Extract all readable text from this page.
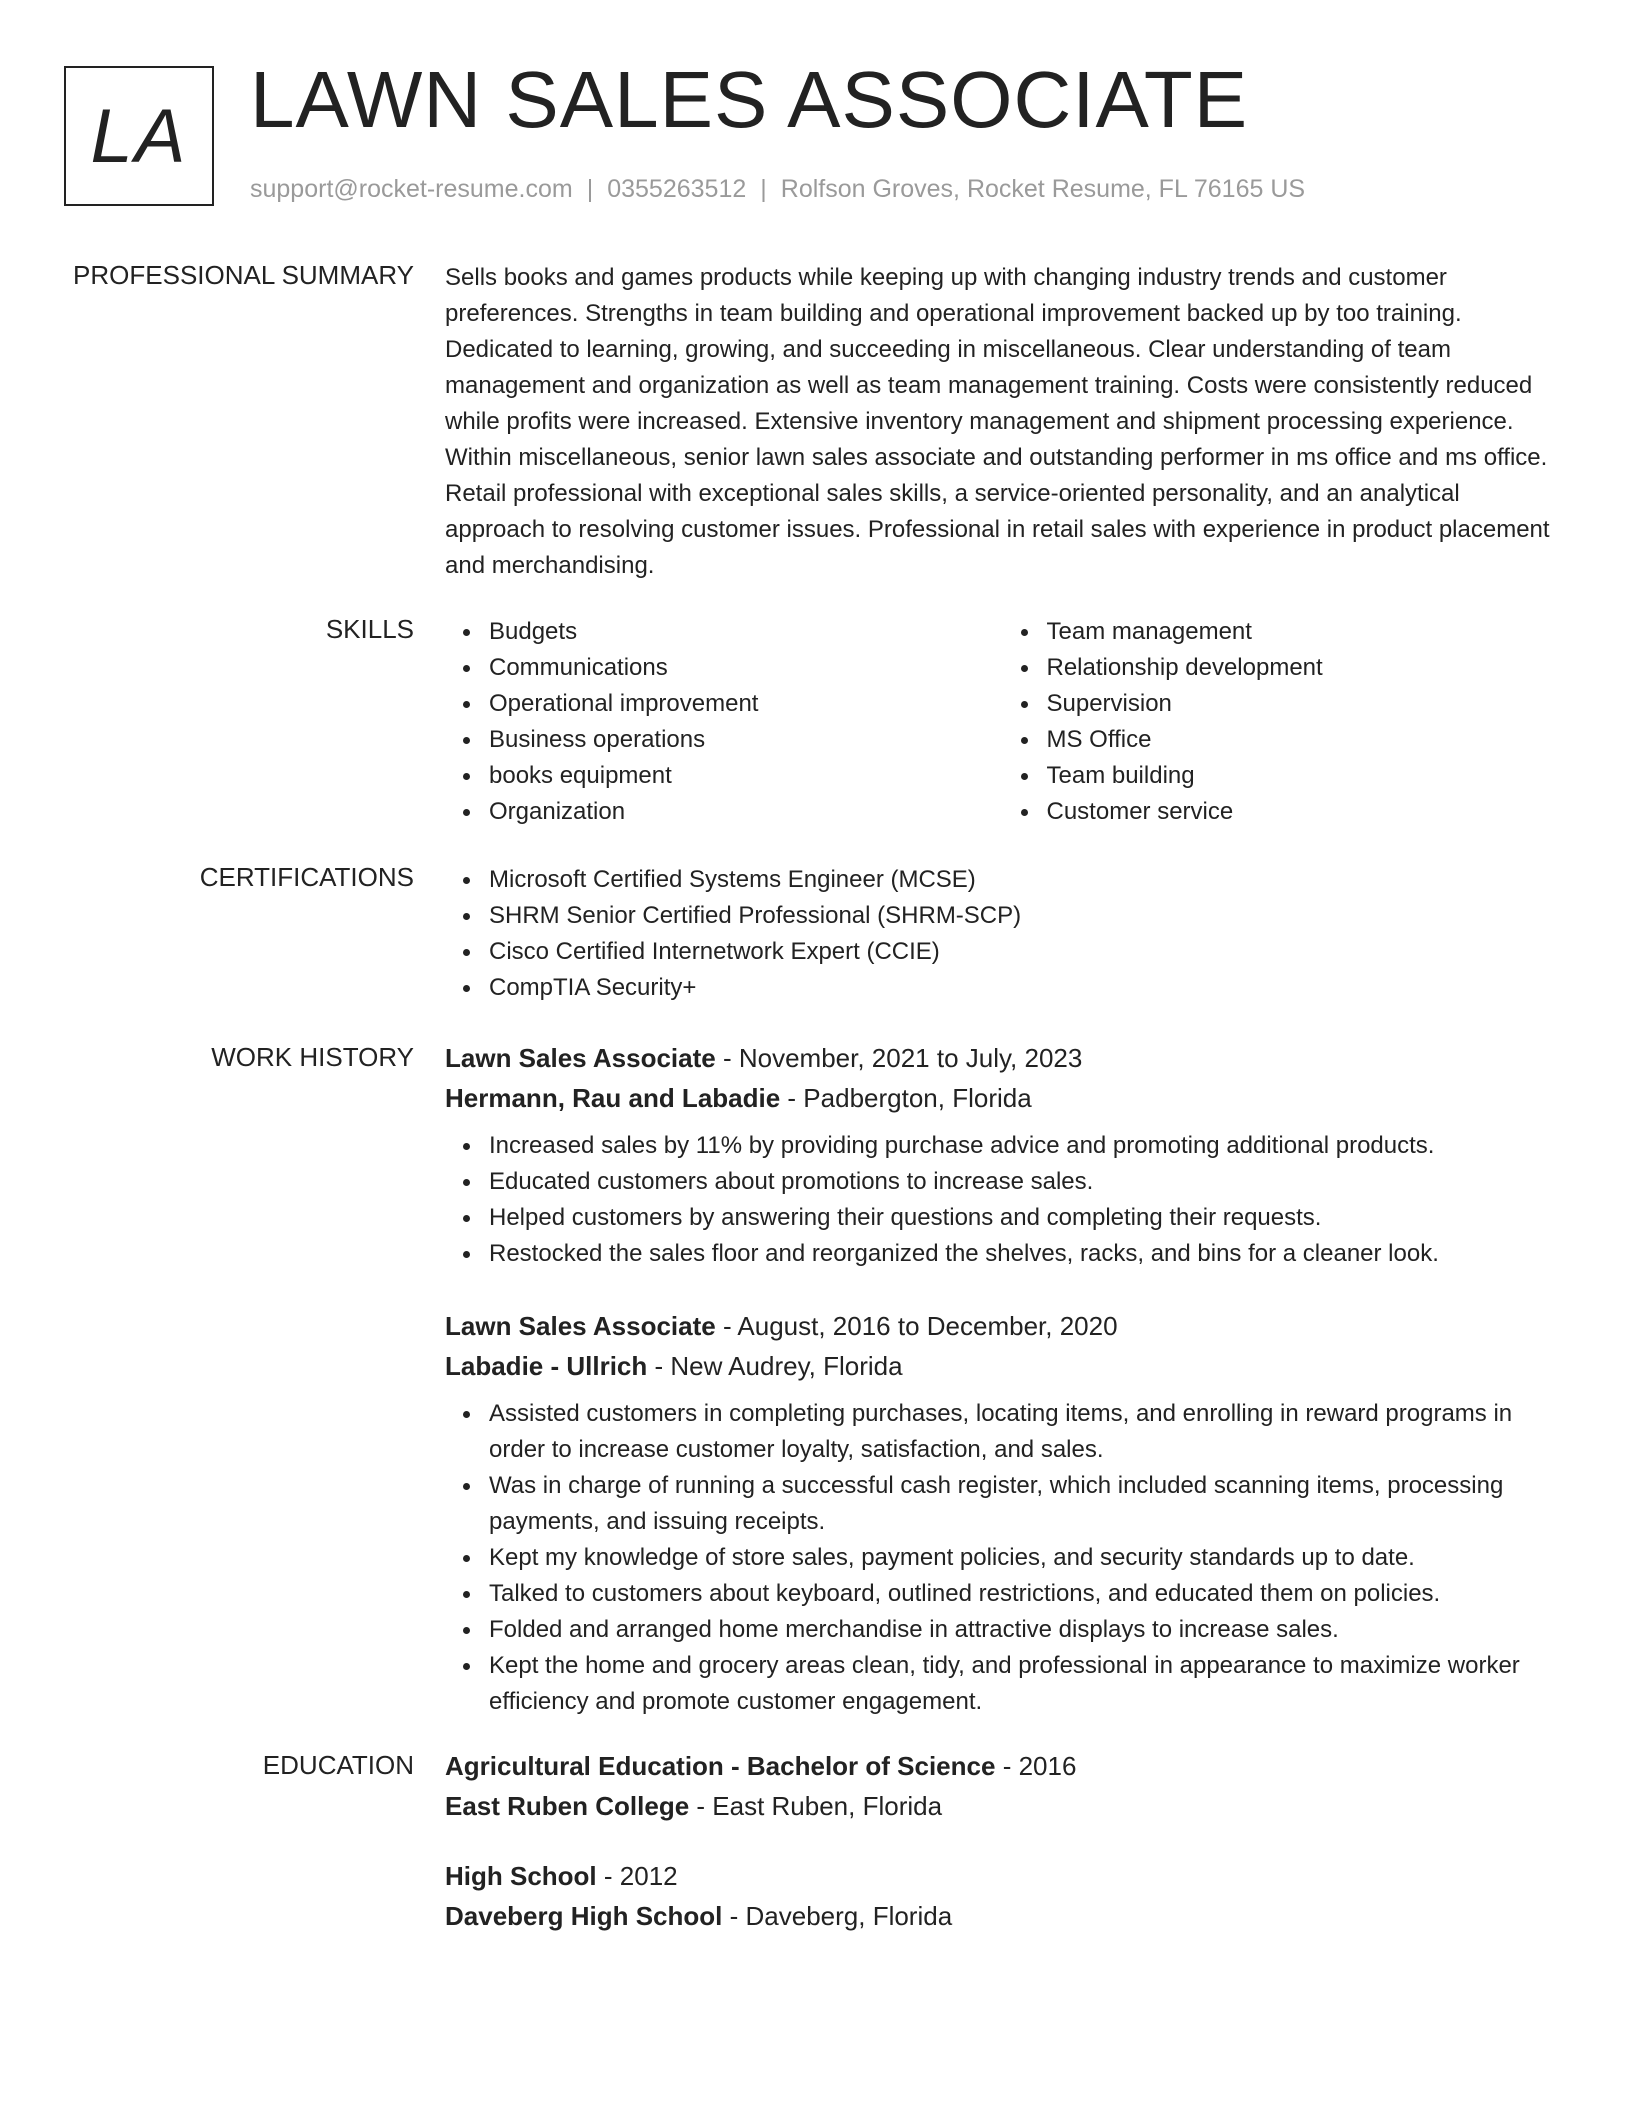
LA LAWN SALES ASSOCIATE
support@rocket-resume.com | 0355263512 | Rolfson Groves, Rocket Resume, FL 76165 US
PROFESSIONAL SUMMARY Sells books and games products while keeping up with changing industry trends and customer preferences. Strengths in team building and operational improvement backed up by too training. Dedicated to learning, growing, and succeeding in miscellaneous. Clear understanding of team management and organization as well as team management training. Costs were consistently reduced while profits were increased. Extensive inventory management and shipment processing experience. Within miscellaneous, senior lawn sales associate and outstanding performer in ms office and ms office. Retail professional with exceptional sales skills, a service-oriented personality, and an analytical approach to resolving customer issues. Professional in retail sales with experience in product placement and merchandising.

SKILLS	Budgets
Communications
Operational improvement
Business operations
books equipment
Organization
Team management
Relationship development
Supervision
MS Office
Team building
Customer service
CERTIFICATIONS	Microsoft Certified Systems Engineer (MCSE)
SHRM Senior Certified Professional (SHRM-SCP)
Cisco Certified Internetwork Expert (CCIE)
CompTIA Security+
WORK HISTORY Lawn Sales Associate - November, 2021 to July, 2023
Hermann, Rau and Labadie - Padbergton, Florida
Increased sales by 11% by providing purchase advice and promoting additional products.
Educated customers about promotions to increase sales.
Helped customers by answering their questions and completing their requests.
Restocked the sales floor and reorganized the shelves, racks, and bins for a cleaner look.
Lawn Sales Associate - August, 2016 to December, 2020
Labadie - Ullrich - New Audrey, Florida
Assisted customers in completing purchases, locating items, and enrolling in reward programs in order to increase customer loyalty, satisfaction, and sales.
Was in charge of running a successful cash register, which included scanning items, processing payments, and issuing receipts.
Kept my knowledge of store sales, payment policies, and security standards up to date.
Talked to customers about keyboard, outlined restrictions, and educated them on policies.
Folded and arranged home merchandise in attractive displays to increase sales.
Kept the home and grocery areas clean, tidy, and professional in appearance to maximize worker efficiency and promote customer engagement.
EDUCATION Agricultural Education - Bachelor of Science - 2016
East Ruben College - East Ruben, Florida
High School - 2012
Daveberg High School - Daveberg, Florida
